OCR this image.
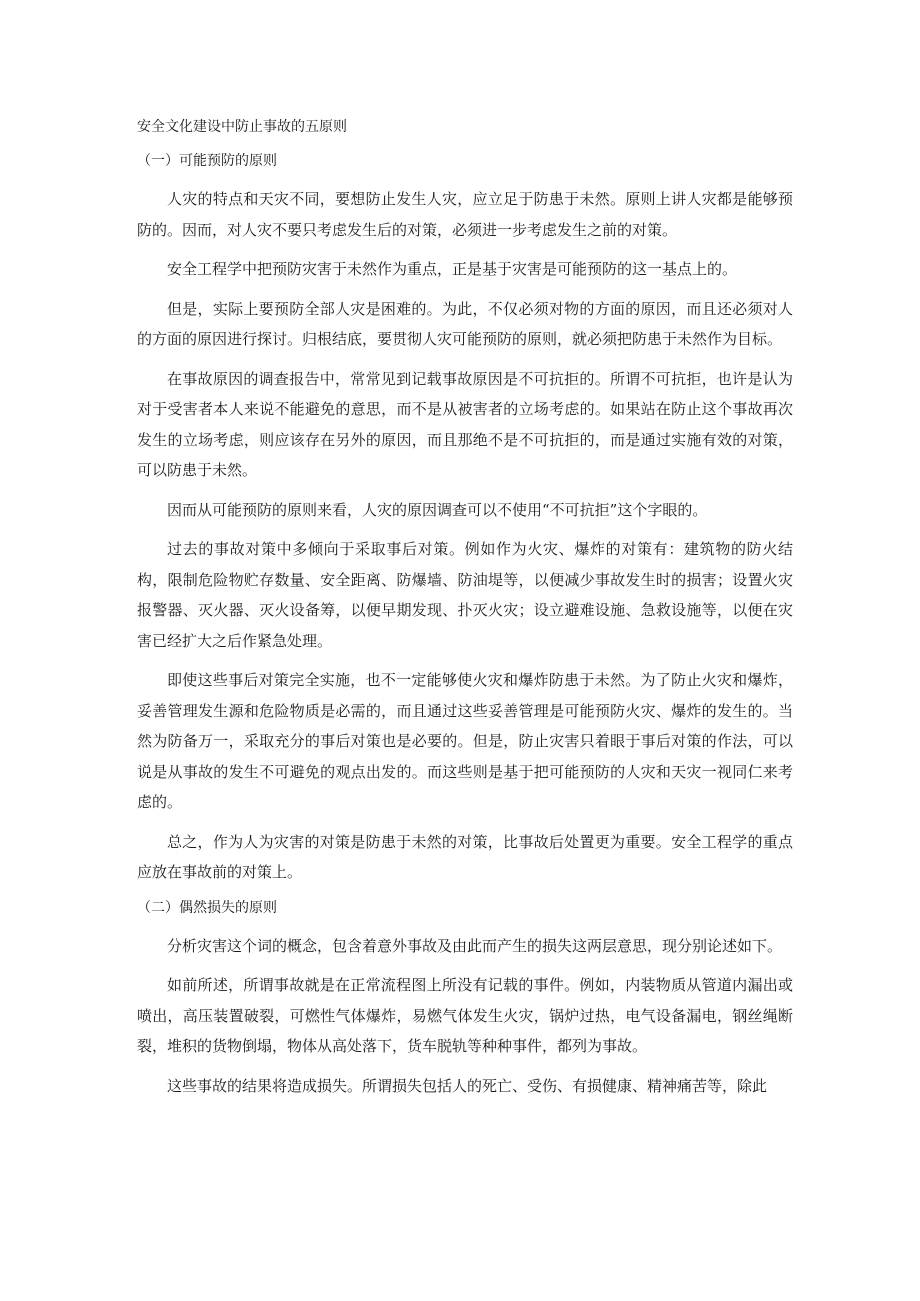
安全文化建设中防止事故的五原则
（一）可能预防的原则

人灾的特点和天灾不同，要想防止发生人灾，应立足于防患于未然。原则上讲人灾都是能够预防的。因而，对人灾不要只考虑发生后的对策，必须进一步考虑发生之前的对策。

安全工程学中把预防灾害于未然作为重点，正是基于灾害是可能预防的这一基点上的。

但是，实际上要预防全部人灾是困难的。为此，不仅必须对物的方面的原因，而且还必须对人的方面的原因进行探讨。归根结底，要贯彻人灾可能预防的原则，就必须把防患于未然作为目标。

在事故原因的调查报告中，常常见到记载事故原因是不可抗拒的。所谓不可抗拒，也许是认为对于受害者本人来说不能避免的意思，而不是从被害者的立场考虑的。如果站在防止这个事故再次发生的立场考虑，则应该存在另外的原因，而且那绝不是不可抗拒的，而是通过实施有效的对策，可以防患于未然。

因而从可能预防的原则来看，人灾的原因调查可以不使用“不可抗拒”这个字眼的。

过去的事故对策中多倾向于采取事后对策。例如作为火灾、爆炸的对策有：建筑物的防火结构，限制危险物贮存数量、安全距离、防爆墙、防油堤等，以便减少事故发生时的损害；设置火灾报警器、灭火器、灭火设备筹，以便早期发现、扑灭火灾；设立避难设施、急救设施等，以便在灾害已经扩大之后作紧急处理。

即使这些事后对策完全实施，也不一定能够使火灾和爆炸防患于未然。为了防止火灾和爆炸，妥善管理发生源和危险物质是必需的，而且通过这些妥善管理是可能预防火灾、爆炸的发生的。当然为防备万一，采取充分的事后对策也是必要的。但是，防止灾害只着眼于事后对策的作法，可以说是从事故的发生不可避免的观点出发的。而这些则是基于把可能预防的人灾和天灾一视同仁来考虑的。

总之，作为人为灾害的对策是防患于未然的对策，比事故后处置更为重要。安全工程学的重点应放在事故前的对策上。

（二）偶然损失的原则

分析灾害这个词的概念，包含着意外事故及由此而产生的损失这两层意思，现分别论述如下。

如前所述，所谓事故就是在正常流程图上所没有记载的事件。例如，内装物质从管道内漏出或喷出，高压装置破裂，可燃性气体爆炸，易燃气体发生火灾，锅炉过热，电气设备漏电，钢丝绳断裂，堆积的货物倒塌，物体从高处落下，货车脱轨等种种事件，都列为事故。

这些事故的结果将造成损失。所谓损失包括人的死亡、受伤、有损健康、精神痛苦等，除此
